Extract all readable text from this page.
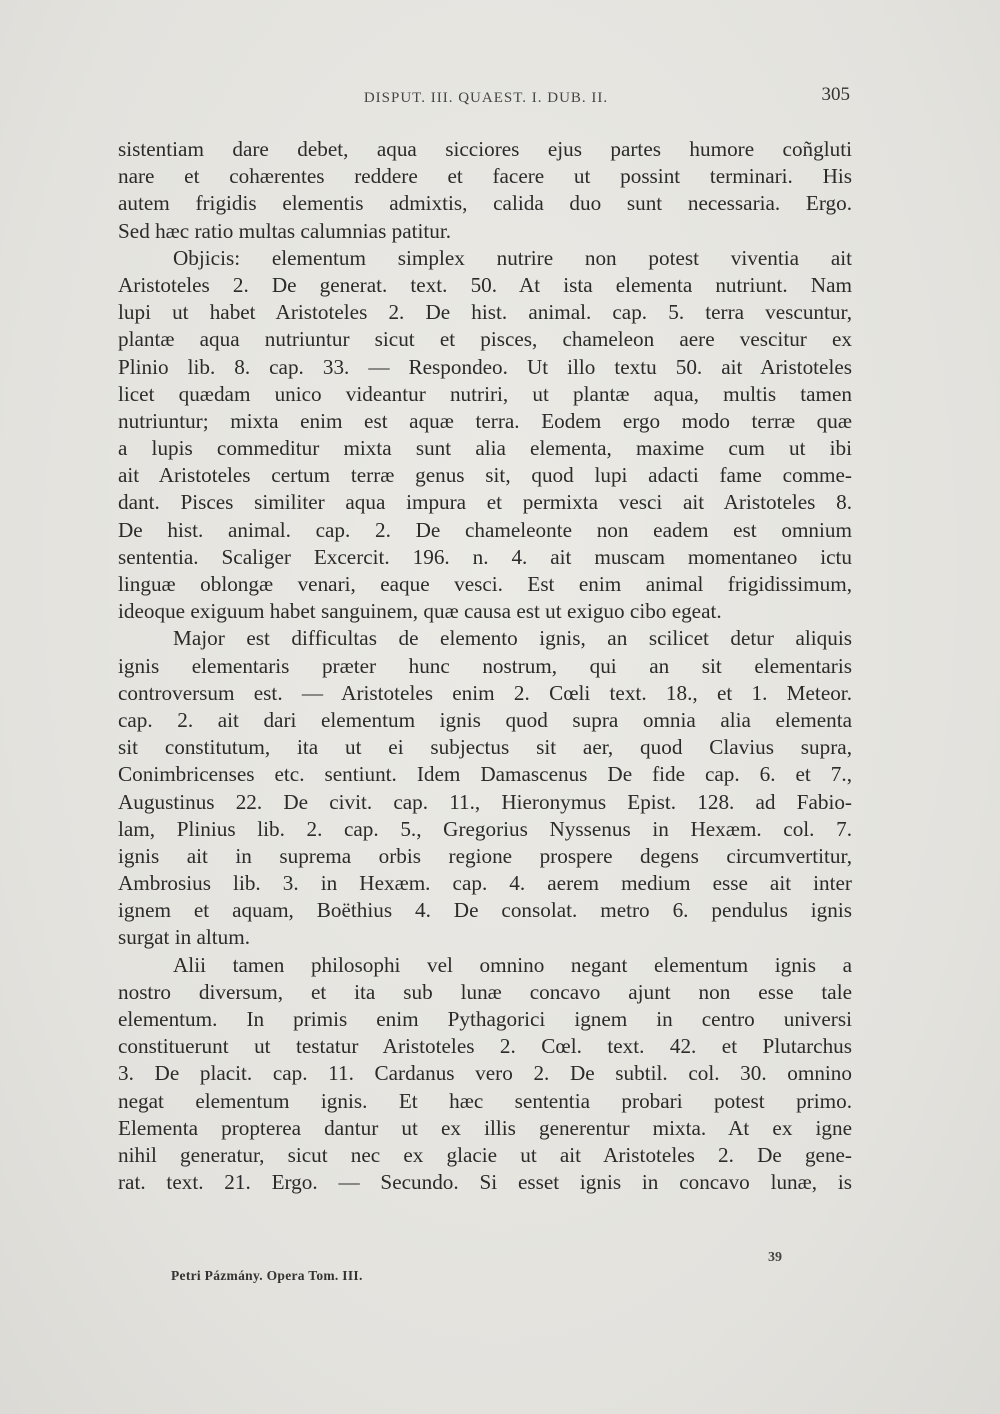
DISPUT. III. QUAEST. I. DUB. II.	305
sistentiam dare debet, aqua sicciores ejus partes humore coñgluti
nare et cohærentes reddere et facere ut possint terminari. His
autem frigidis elementis admixtis, calida duo sunt necessaria. Ergo.
Sed hæc ratio multas calumnias patitur.
Objicis: elementum simplex nutrire non potest viventia ait
Aristoteles 2. De generat. text. 50. At ista elementa nutriunt. Nam
lupi ut habet Aristoteles 2. De hist. animal. cap. 5. terra vescuntur,
plantæ aqua nutriuntur sicut et pisces, chameleon aere vescitur ex
Plinio lib. 8. cap. 33. — Respondeo. Ut illo textu 50. ait Aristoteles
licet quædam unico videantur nutriri, ut plantæ aqua, multis tamen
nutriuntur; mixta enim est aquæ terra. Eodem ergo modo terræ quæ
a lupis commeditur mixta sunt alia elementa, maxime cum ut ibi
ait Aristoteles certum terræ genus sit, quod lupi adacti fame comme-
dant. Pisces similiter aqua impura et permixta vesci ait Aristoteles 8.
De hist. animal. cap. 2. De chameleonte non eadem est omnium
sententia. Scaliger Excercit. 196. n. 4. ait muscam momentaneo ictu
linguæ oblongæ venari, eaque vesci. Est enim animal frigidissimum,
ideoque exiguum habet sanguinem, quæ causa est ut exiguo cibo egeat.
Major est difficultas de elemento ignis, an scilicet detur aliquis
ignis elementaris præter hunc nostrum, qui an sit elementaris
controversum est. — Aristoteles enim 2. Cœli text. 18., et 1. Meteor.
cap. 2. ait dari elementum ignis quod supra omnia alia elementa
sit constitutum, ita ut ei subjectus sit aer, quod Clavius supra,
Conimbricenses etc. sentiunt. Idem Damascenus De fide cap. 6. et 7.,
Augustinus 22. De civit. cap. 11., Hieronymus Epist. 128. ad Fabio-
lam, Plinius lib. 2. cap. 5., Gregorius Nyssenus in Hexæm. col. 7.
ignis ait in suprema orbis regione prospere degens circumvertitur,
Ambrosius lib. 3. in Hexæm. cap. 4. aerem medium esse ait inter
ignem et aquam, Boëthius 4. De consolat. metro 6. pendulus ignis
surgat in altum.
Alii tamen philosophi vel omnino negant elementum ignis a
nostro diversum, et ita sub lunæ concavo ajunt non esse tale
elementum. In primis enim Pythagorici ignem in centro universi
constituerunt ut testatur Aristoteles 2. Cœl. text. 42. et Plutarchus
3. De placit. cap. 11. Cardanus vero 2. De subtil. col. 30. omnino
negat elementum ignis. Et hæc sententia probari potest primo.
Elementa propterea dantur ut ex illis generentur mixta. At ex igne
nihil generatur, sicut nec ex glacie ut ait Aristoteles 2. De gene-
rat. text. 21. Ergo. — Secundo. Si esset ignis in concavo lunæ, is
39
Petri Pázmány. Opera Tom. III.
